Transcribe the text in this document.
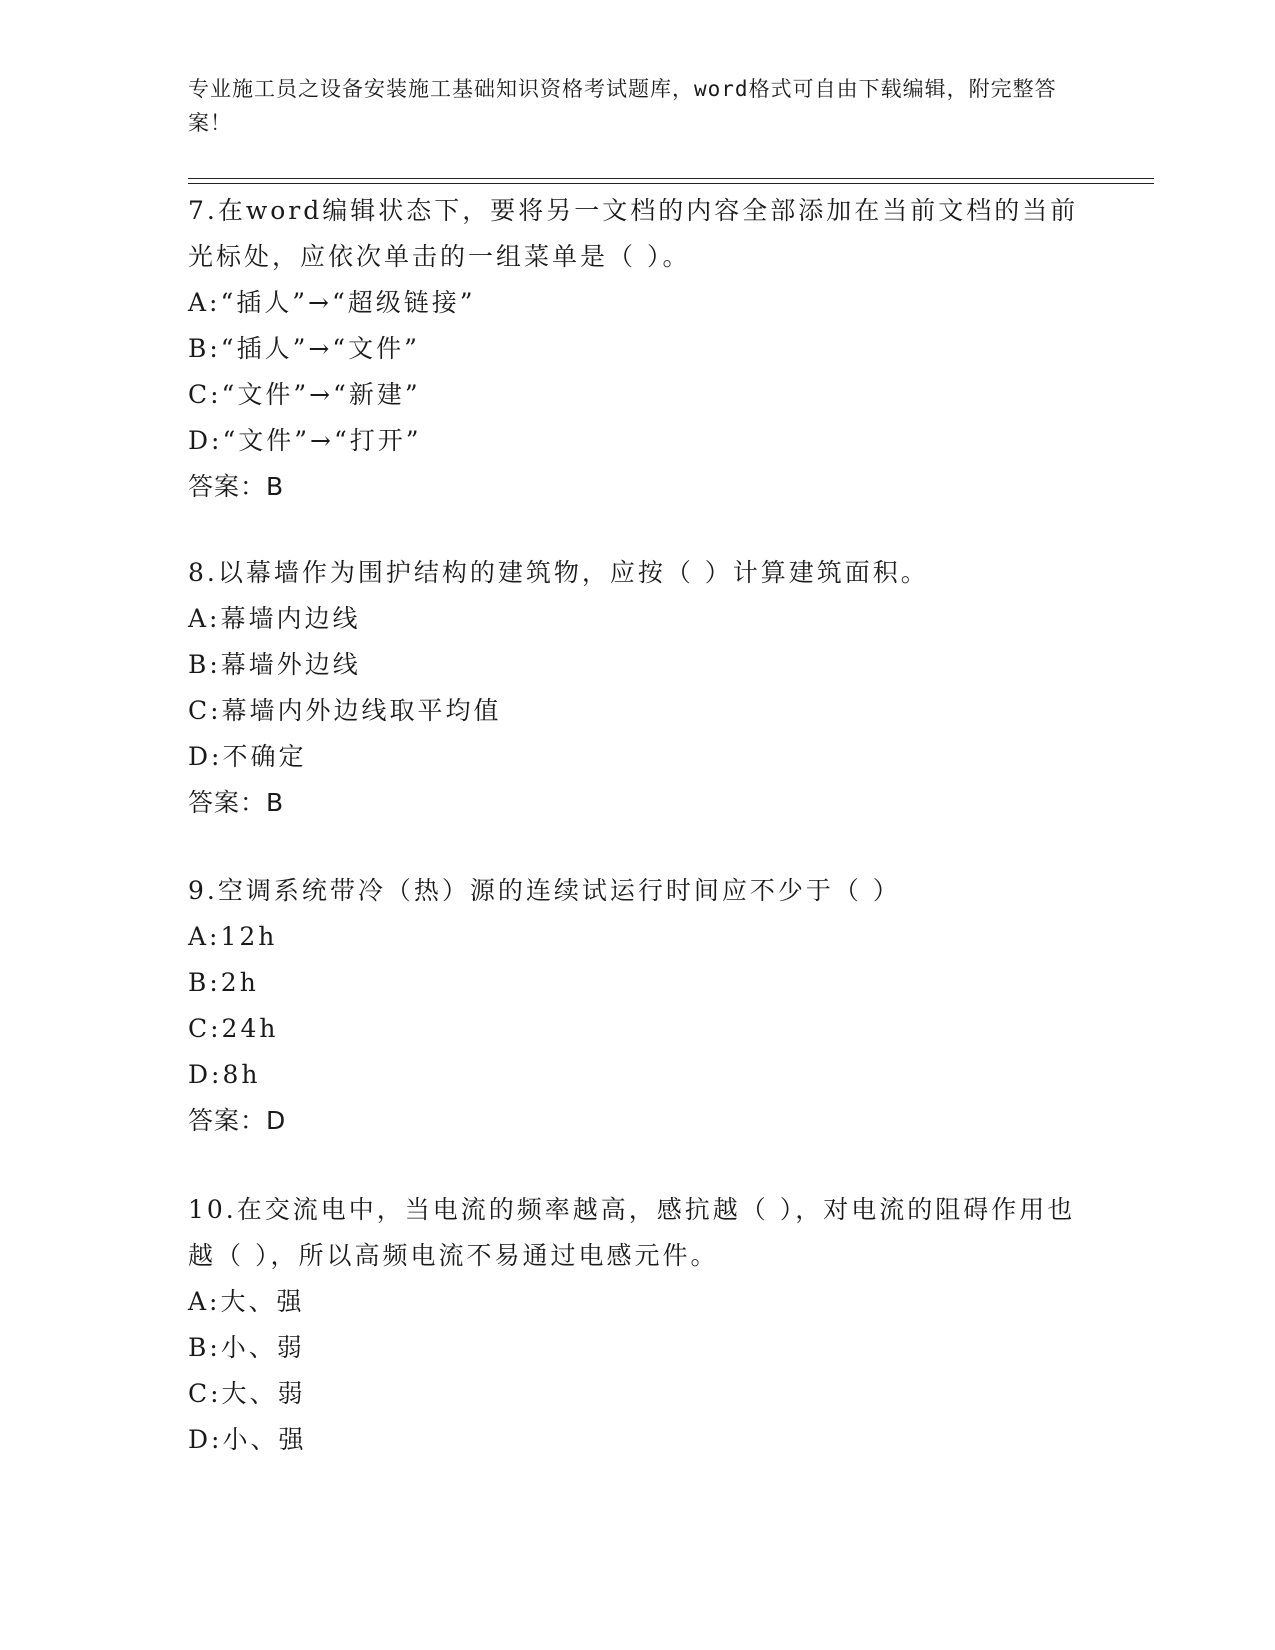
专业施工员之设备安装施工基础知识资格考试题库，word格式可自由下载编辑，附完整答案！

7.在word编辑状态下，要将另一文档的内容全部添加在当前文档的当前光标处，应依次单击的一组菜单是（ ）。

A:“插人”→“超级链接”

B:“插人”→“文件”

C:“文件”→“新建”

D:“文件”→“打开”

答案：B

8.以幕墙作为围护结构的建筑物，应按（ ）计算建筑面积。

A:幕墙内边线

B:幕墙外边线

C:幕墙内外边线取平均值

D:不确定

答案：B

9.空调系统带冷（热）源的连续试运行时间应不少于（ ）

A:12h

B:2h

C:24h

D:8h

答案：D

10.在交流电中，当电流的频率越高，感抗越（ ），对电流的阻碍作用也越（ ），所以高频电流不易通过电感元件。

A:大、强

B:小、弱

C:大、弱

D:小、强
